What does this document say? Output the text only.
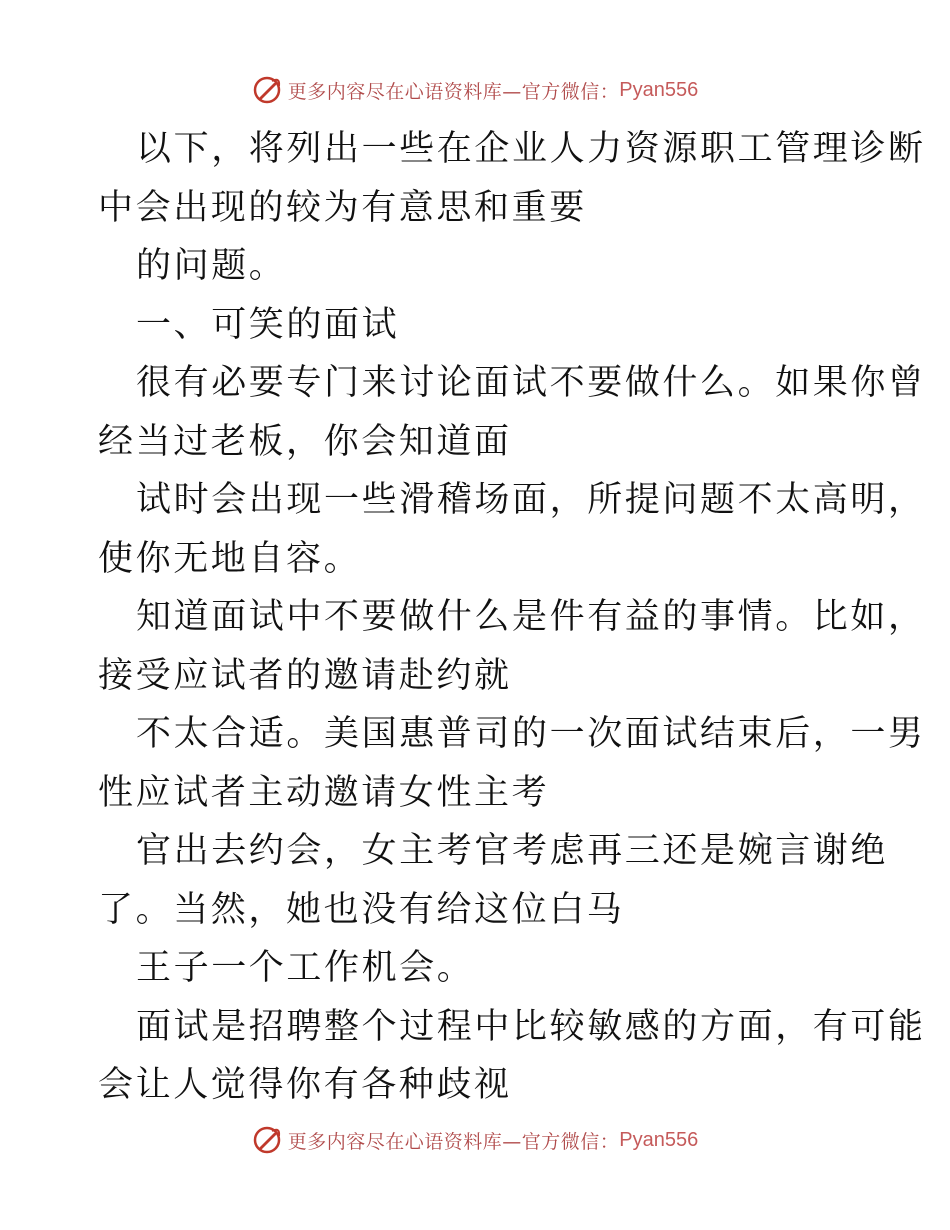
更多内容尽在心语资料库—官方微信： Pyan556
以下，将列出一些在企业人力资源职工管理诊断
中会出现的较为有意思和重要
的问题。
一、可笑的面试
很有必要专门来讨论面试不要做什么。如果你曾
经当过老板，你会知道面
试时会出现一些滑稽场面，所提问题不太高明，
使你无地自容。
知道面试中不要做什么是件有益的事情。比如，
接受应试者的邀请赴约就
不太合适。美国惠普司的一次面试结束后，一男
性应试者主动邀请女性主考
官出去约会，女主考官考虑再三还是婉言谢绝
了。当然，她也没有给这位白马
王子一个工作机会。
面试是招聘整个过程中比较敏感的方面，有可能
会让人觉得你有各种歧视
更多内容尽在心语资料库—官方微信： Pyan556
